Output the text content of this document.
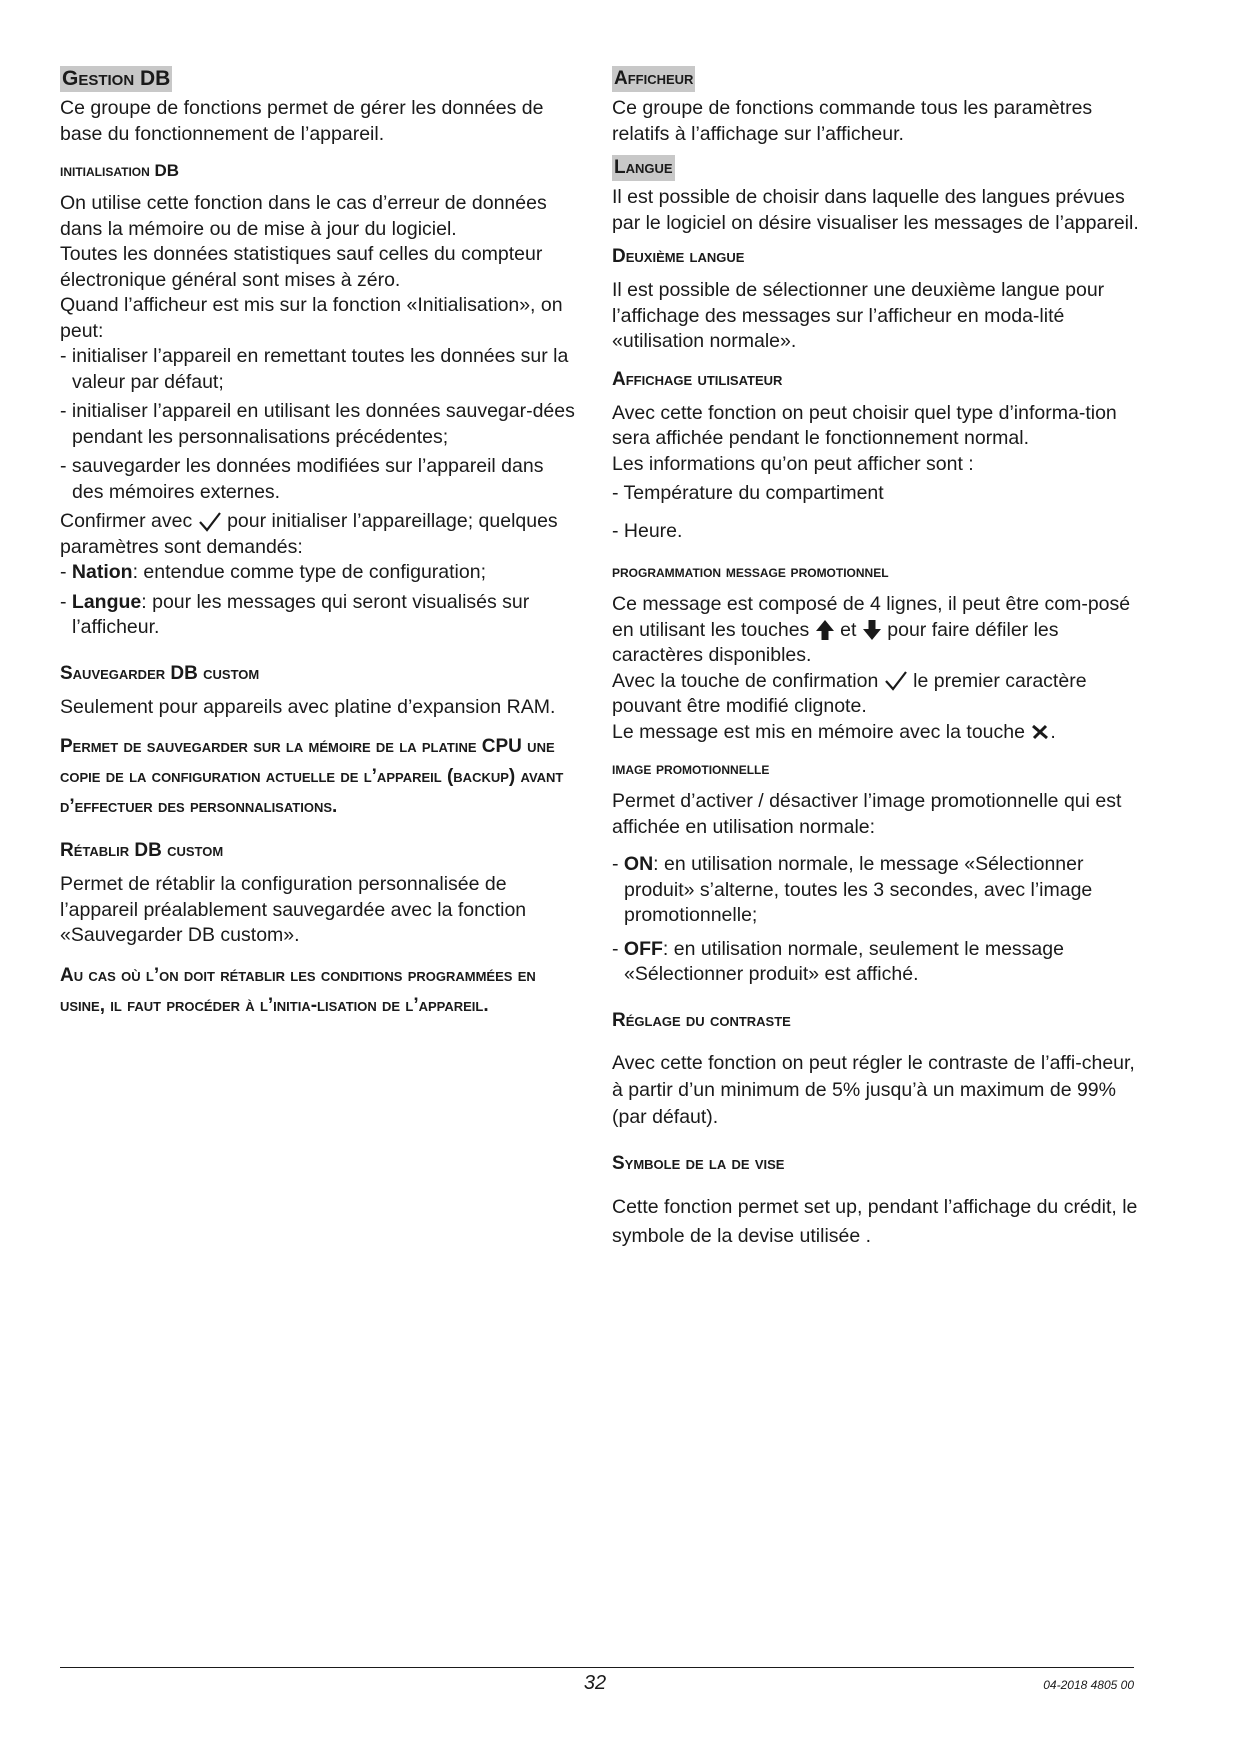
Gestion DB

Ce groupe de fonctions permet de gérer les données de base du fonctionnement de l’appareil.

initialisation DB

On utilise cette fonction dans le cas d’erreur de données dans la mémoire ou de mise à jour du logiciel.

Toutes les données statistiques sauf celles du compteur électronique général sont mises à zéro.

Quand l’afficheur est mis sur la fonction «Initialisation», on peut:

- initialiser l’appareil en remettant toutes les données sur la valeur par défaut;

- initialiser l’appareil en utilisant les données sauvegar-dées pendant les personnalisations précédentes;

- sauvegarder les données modifiées sur l’appareil dans des mémoires externes.

Confirmer avec pour initialiser l’appareillage; quelques paramètres sont demandés:

- Nation: entendue comme type de configuration;

- Langue: pour les messages qui seront visualisés sur l’afficheur.

Sauvegarder DB custom

Seulement pour appareils avec platine d’expansion RAM.

Permet de sauvegarder sur la mémoire de la platine CPU une copie de la configuration actuelle de l’appareil (backup) avant d’effectuer des personnalisations.

Rétablir DB custom

Permet de rétablir la configuration personnalisée de l’appareil préalablement sauvegardée avec la fonction «Sauvegarder DB custom».

Au cas où l’on doit rétablir les conditions programmées en usine, il faut procéder à l’initia-lisation de l’appareil.

Afficheur

Ce groupe de fonctions commande tous les paramètres relatifs à l’affichage sur l’afficheur.

Langue

Il est possible de choisir dans laquelle des langues prévues par le logiciel on désire visualiser les messages de l’appareil.

Deuxième langue

Il est possible de sélectionner une deuxième langue pour l’affichage des messages sur l’afficheur en moda-lité «utilisation normale».

Affichage utilisateur

Avec cette fonction on peut choisir quel type d’informa-tion sera affichée pendant le fonctionnement normal.

Les informations qu’on peut afficher sont :

- Température du compartiment

- Heure.

programmation message promotionnel

Ce message est composé de 4 lignes, il peut être com-posé en utilisant les touches et pour faire défiler les caractères disponibles.

Avec la touche de confirmation le premier caractère pouvant être modifié clignote.

Le message est mis en mémoire avec la touche .

image promotionnelle

Permet d’activer / désactiver l’image promotionnelle qui est affichée en utilisation normale:

- ON: en utilisation normale, le message «Sélectionner produit» s’alterne, toutes les 3 secondes, avec l’image promotionnelle;

- OFF: en utilisation normale, seulement le message «Sélectionner produit» est affiché.

Réglage du contraste

Avec cette fonction on peut régler le contraste de l’affi-cheur, à partir d’un minimum de 5% jusqu’à un maximum de 99% (par défaut).

Symbole de la de vise

Cette fonction permet set up, pendant l’affichage du crédit, le symbole de la devise utilisée .

32	04-2018 4805 00
